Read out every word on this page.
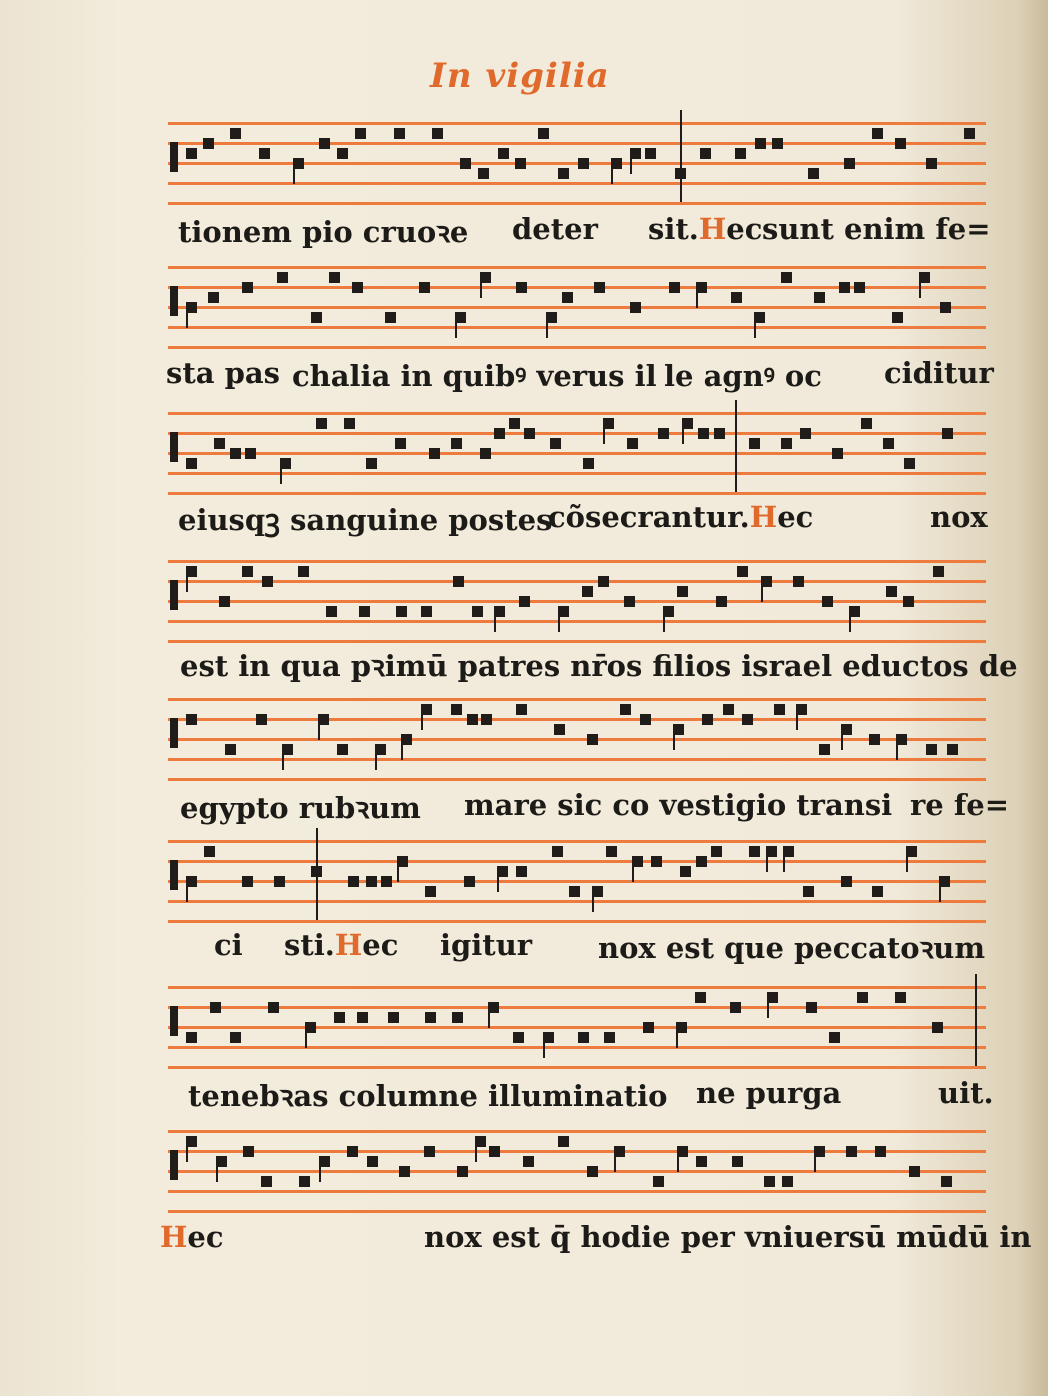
In vigilia
tionem pio cruoꝛe deter sit.Hec sunt enim fe=
sta pas chalia in quibꝰ verus il le agnꝰ oc ciditur
eiusqꝫ sanguine postes
cõsecrantur.Hec	nox
est in qua pꝛimū patres nr̄os filios israel eductos de
egypto rubꝛum mare sic co vestigio transi re fe=
ci sti.Hec igitur nox est que peccatoꝛum
tenebꝛas columne illuminatio ne purga	uit.
Hec	nox est q̄ hodie per vniuersū mūdū in
